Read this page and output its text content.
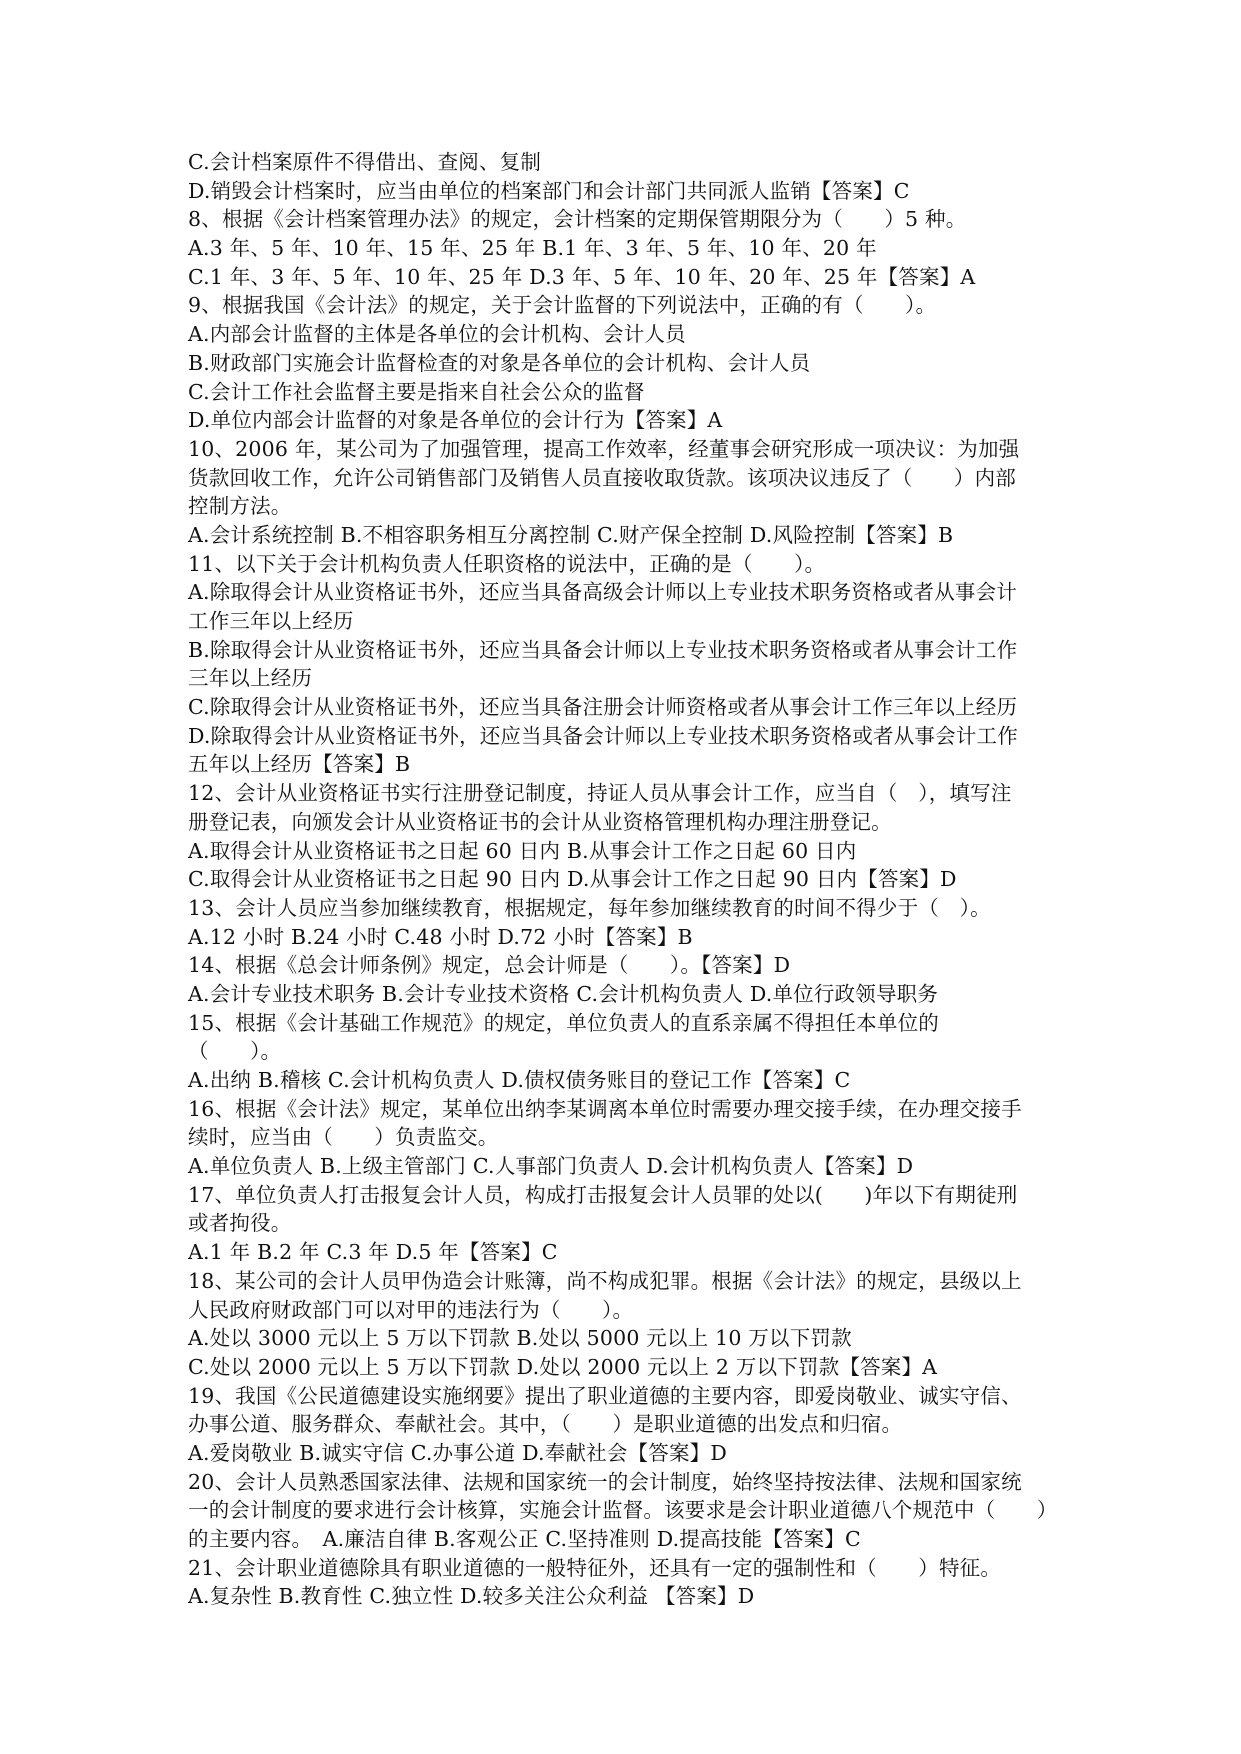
C.会计档案原件不得借出、查阅、复制
D.销毁会计档案时，应当由单位的档案部门和会计部门共同派人监销【答案】C
8、根据《会计档案管理办法》的规定，会计档案的定期保管期限分为（　　）5 种。
A.3 年、5 年、10 年、15 年、25 年 B.1 年、3 年、5 年、10 年、20 年
C.1 年、3 年、5 年、10 年、25 年 D.3 年、5 年、10 年、20 年、25 年【答案】A
9、根据我国《会计法》的规定，关于会计监督的下列说法中，正确的有（　　）。
A.内部会计监督的主体是各单位的会计机构、会计人员
B.财政部门实施会计监督检查的对象是各单位的会计机构、会计人员
C.会计工作社会监督主要是指来自社会公众的监督
D.单位内部会计监督的对象是各单位的会计行为【答案】A
10、2006 年，某公司为了加强管理，提高工作效率，经董事会研究形成一项决议：为加强
货款回收工作，允许公司销售部门及销售人员直接收取货款。该项决议违反了（　　）内部
控制方法。
A.会计系统控制 B.不相容职务相互分离控制 C.财产保全控制 D.风险控制【答案】B
11、以下关于会计机构负责人任职资格的说法中，正确的是（　　）。
A.除取得会计从业资格证书外，还应当具备高级会计师以上专业技术职务资格或者从事会计
工作三年以上经历
B.除取得会计从业资格证书外，还应当具备会计师以上专业技术职务资格或者从事会计工作
三年以上经历
C.除取得会计从业资格证书外，还应当具备注册会计师资格或者从事会计工作三年以上经历
D.除取得会计从业资格证书外，还应当具备会计师以上专业技术职务资格或者从事会计工作
五年以上经历【答案】B
12、会计从业资格证书实行注册登记制度，持证人员从事会计工作，应当自（　），填写注
册登记表，向颁发会计从业资格证书的会计从业资格管理机构办理注册登记。
A.取得会计从业资格证书之日起 60 日内 B.从事会计工作之日起 60 日内
C.取得会计从业资格证书之日起 90 日内 D.从事会计工作之日起 90 日内【答案】D
13、会计人员应当参加继续教育，根据规定，每年参加继续教育的时间不得少于（　）。
A.12 小时 B.24 小时 C.48 小时 D.72 小时【答案】B
14、根据《总会计师条例》规定，总会计师是（　　）。【答案】D
A.会计专业技术职务 B.会计专业技术资格 C.会计机构负责人 D.单位行政领导职务
15、根据《会计基础工作规范》的规定，单位负责人的直系亲属不得担任本单位的
（　　）。
A.出纳 B.稽核 C.会计机构负责人 D.债权债务账目的登记工作【答案】C
16、根据《会计法》规定，某单位出纳李某调离本单位时需要办理交接手续，在办理交接手
续时，应当由（　　）负责监交。
A.单位负责人 B.上级主管部门 C.人事部门负责人 D.会计机构负责人【答案】D
17、单位负责人打击报复会计人员，构成打击报复会计人员罪的处以(　　)年以下有期徒刑
或者拘役。
A.1 年 B.2 年 C.3 年 D.5 年【答案】C
18、某公司的会计人员甲伪造会计账簿，尚不构成犯罪。根据《会计法》的规定，县级以上
人民政府财政部门可以对甲的违法行为（　　）。
A.处以 3000 元以上 5 万以下罚款 B.处以 5000 元以上 10 万以下罚款
C.处以 2000 元以上 5 万以下罚款 D.处以 2000 元以上 2 万以下罚款【答案】A
19、我国《公民道德建设实施纲要》提出了职业道德的主要内容，即爱岗敬业、诚实守信、
办事公道、服务群众、奉献社会。其中，（　　）是职业道德的出发点和归宿。
A.爱岗敬业 B.诚实守信 C.办事公道 D.奉献社会【答案】D
20、会计人员熟悉国家法律、法规和国家统一的会计制度，始终坚持按法律、法规和国家统
一的会计制度的要求进行会计核算，实施会计监督。该要求是会计职业道德八个规范中（　　）
的主要内容。　A.廉洁自律 B.客观公正 C.坚持准则 D.提高技能【答案】C
21、会计职业道德除具有职业道德的一般特征外，还具有一定的强制性和（　　）特征。
A.复杂性 B.教育性 C.独立性 D.较多关注公众利益 【答案】D
